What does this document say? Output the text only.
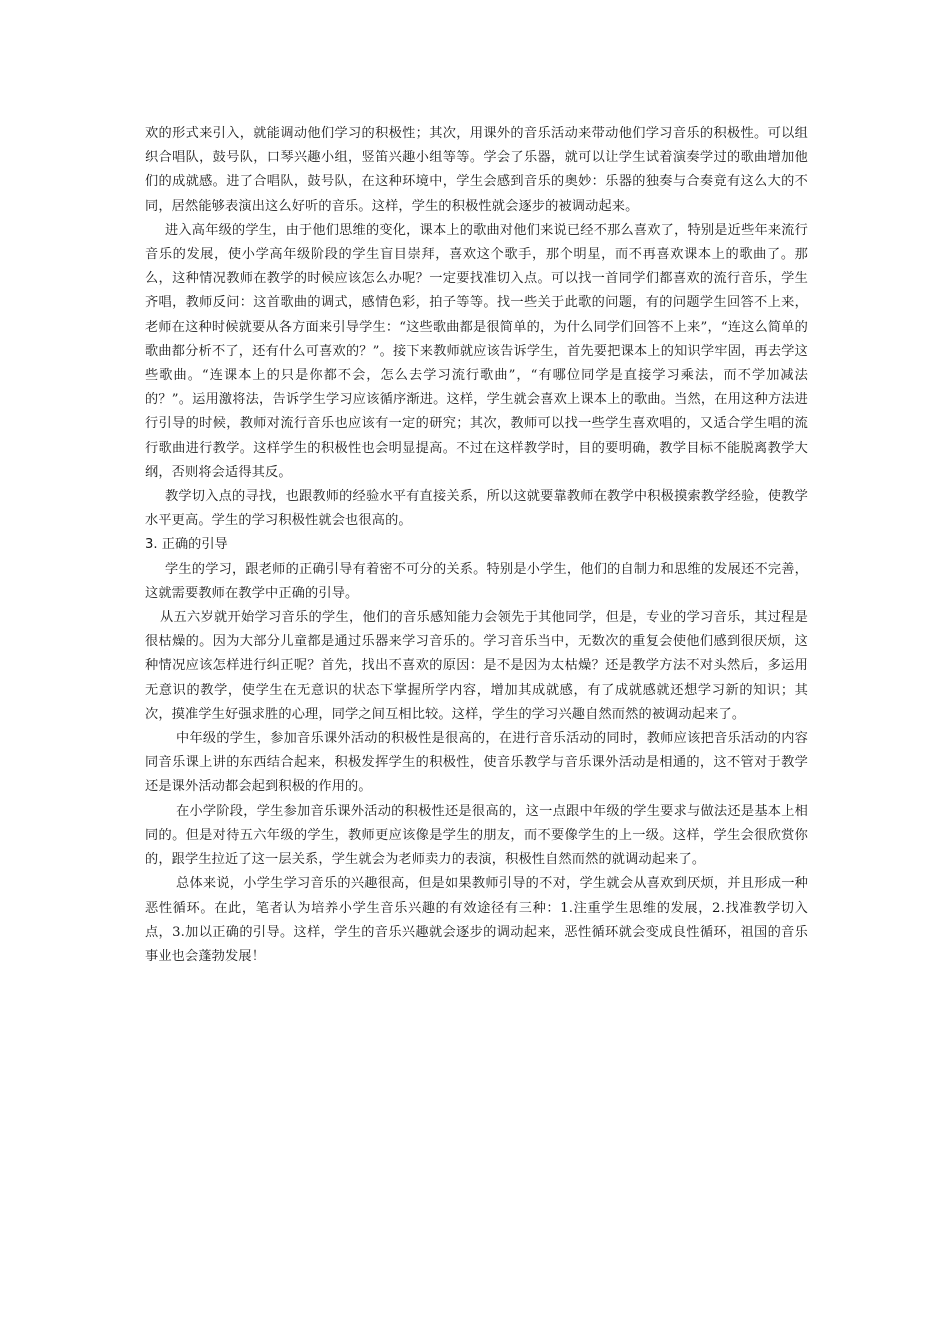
欢的形式来引入，就能调动他们学习的积极性；其次，用课外的音乐活动来带动他们学习音乐的积极性。可以组织合唱队，鼓号队，口琴兴趣小组，竖笛兴趣小组等等。学会了乐器，就可以让学生试着演奏学过的歌曲增加他们的成就感。进了合唱队，鼓号队，在这种环境中，学生会感到音乐的奥妙：乐器的独奏与合奏竟有这么大的不同，居然能够表演出这么好听的音乐。这样，学生的积极性就会逐步的被调动起来。

进入高年级的学生，由于他们思维的变化，课本上的歌曲对他们来说已经不那么喜欢了，特别是近些年来流行音乐的发展，使小学高年级阶段的学生盲目崇拜，喜欢这个歌手，那个明星，而不再喜欢课本上的歌曲了。那么，这种情况教师在教学的时候应该怎么办呢？一定要找准切入点。可以找一首同学们都喜欢的流行音乐，学生齐唱，教师反问：这首歌曲的调式，感情色彩，拍子等等。找一些关于此歌的问题，有的问题学生回答不上来，老师在这种时候就要从各方面来引导学生：“这些歌曲都是很简单的，为什么同学们回答不上来”，“连这么简单的歌曲都分析不了，还有什么可喜欢的？”。接下来教师就应该告诉学生，首先要把课本上的知识学牢固，再去学这些歌曲。“连课本上的只是你都不会，怎么去学习流行歌曲”，“有哪位同学是直接学习乘法，而不学加减法的？”。运用激将法，告诉学生学习应该循序渐进。这样，学生就会喜欢上课本上的歌曲。当然，在用这种方法进行引导的时候，教师对流行音乐也应该有一定的研究；其次，教师可以找一些学生喜欢唱的，又适合学生唱的流行歌曲进行教学。这样学生的积极性也会明显提高。不过在这样教学时，目的要明确，教学目标不能脱离教学大纲，否则将会适得其反。

教学切入点的寻找，也跟教师的经验水平有直接关系，所以这就要靠教师在教学中积极摸索教学经验，使教学水平更高。学生的学习积极性就会也很高的。

3. 正确的引导

学生的学习，跟老师的正确引导有着密不可分的关系。特别是小学生，他们的自制力和思维的发展还不完善，这就需要教师在教学中正确的引导。

从五六岁就开始学习音乐的学生，他们的音乐感知能力会领先于其他同学，但是，专业的学习音乐，其过程是很枯燥的。因为大部分儿童都是通过乐器来学习音乐的。学习音乐当中，无数次的重复会使他们感到很厌烦，这种情况应该怎样进行纠正呢？首先，找出不喜欢的原因：是不是因为太枯燥？还是教学方法不对头然后，多运用无意识的教学，使学生在无意识的状态下掌握所学内容，增加其成就感，有了成就感就还想学习新的知识；其次，摸准学生好强求胜的心理，同学之间互相比较。这样，学生的学习兴趣自然而然的被调动起来了。

中年级的学生，参加音乐课外活动的积极性是很高的，在进行音乐活动的同时，教师应该把音乐活动的内容同音乐课上讲的东西结合起来，积极发挥学生的积极性，使音乐教学与音乐课外活动是相通的，这不管对于教学还是课外活动都会起到积极的作用的。

在小学阶段，学生参加音乐课外活动的积极性还是很高的，这一点跟中年级的学生要求与做法还是基本上相同的。但是对待五六年级的学生，教师更应该像是学生的朋友，而不要像学生的上一级。这样，学生会很欣赏你的，跟学生拉近了这一层关系，学生就会为老师卖力的表演，积极性自然而然的就调动起来了。

总体来说，小学生学习音乐的兴趣很高，但是如果教师引导的不对，学生就会从喜欢到厌烦，并且形成一种恶性循环。在此，笔者认为培养小学生音乐兴趣的有效途径有三种：1.注重学生思维的发展，2.找准教学切入点，3.加以正确的引导。这样，学生的音乐兴趣就会逐步的调动起来，恶性循环就会变成良性循环，祖国的音乐事业也会蓬勃发展！
